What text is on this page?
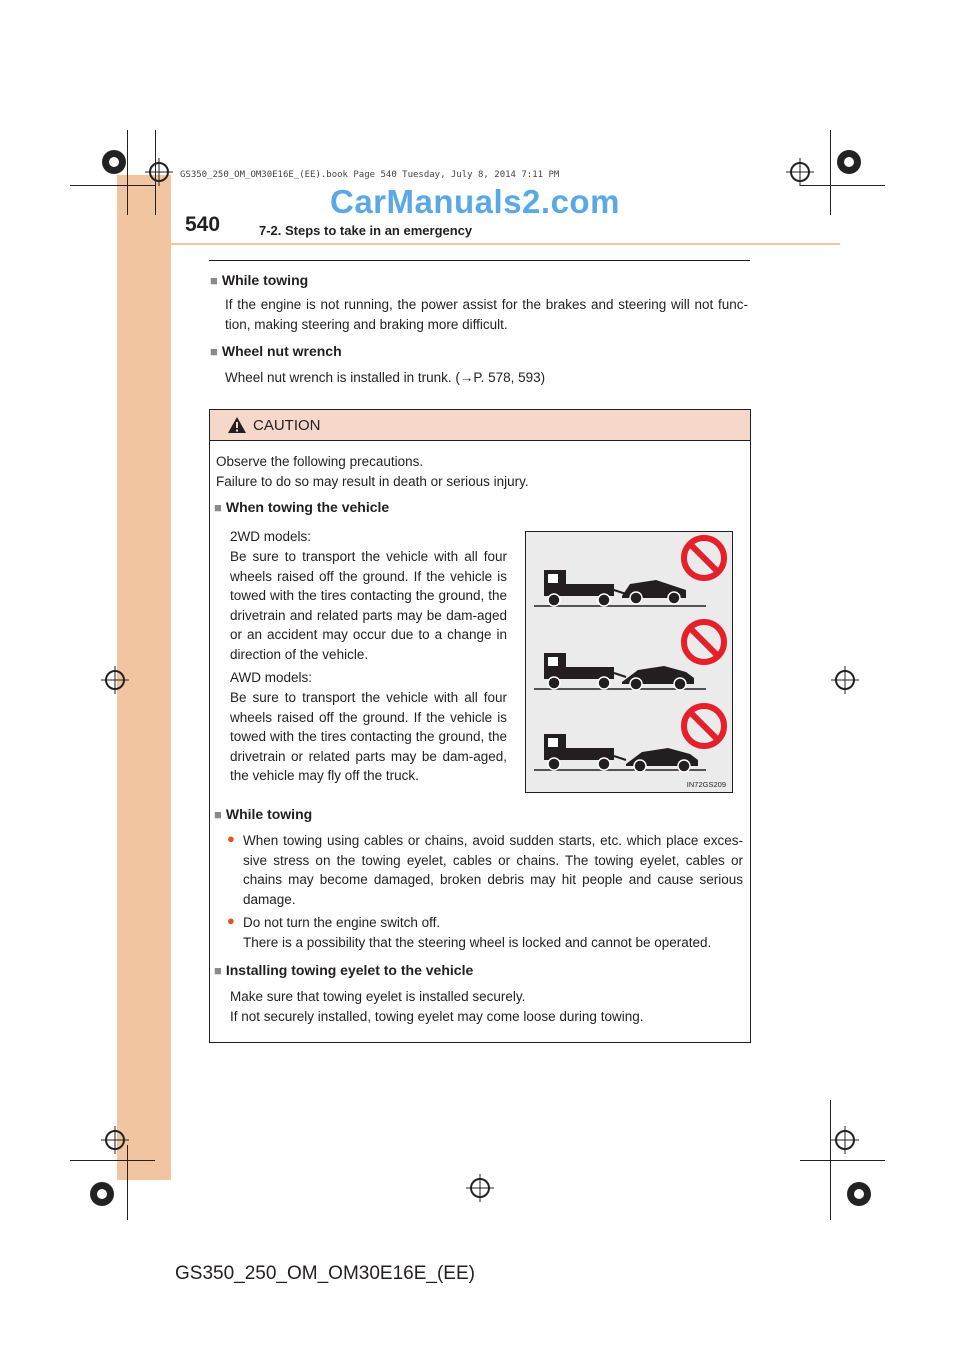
GS350_250_OM_OM30E16E_(EE).book Page 540 Tuesday, July 8, 2014 7:11 PM
540	7-2. Steps to take in an emergency
CarManuals2.com
■ While towing
If the engine is not running, the power assist for the brakes and steering will not func-tion, making steering and braking more difficult.
■ Wheel nut wrench
Wheel nut wrench is installed in trunk. (→P. 578, 593)
CAUTION
Observe the following precautions.
Failure to do so may result in death or serious injury.
■ When towing the vehicle
2WD models:
Be sure to transport the vehicle with all four wheels raised off the ground. If the vehicle is towed with the tires contacting the ground, the drivetrain and related parts may be dam-aged or an accident may occur due to a change in direction of the vehicle.
AWD models:
Be sure to transport the vehicle with all four wheels raised off the ground. If the vehicle is towed with the tires contacting the ground, the drivetrain or related parts may be dam-aged, the vehicle may fly off the truck.
■ While towing
● When towing using cables or chains, avoid sudden starts, etc. which place exces-sive stress on the towing eyelet, cables or chains. The towing eyelet, cables or chains may become damaged, broken debris may hit people and cause serious damage.
● Do not turn the engine switch off.
There is a possibility that the steering wheel is locked and cannot be operated.
■ Installing towing eyelet to the vehicle
Make sure that towing eyelet is installed securely.
If not securely installed, towing eyelet may come loose during towing.
IN72GS209
GS350_250_OM_OM30E16E_(EE)
